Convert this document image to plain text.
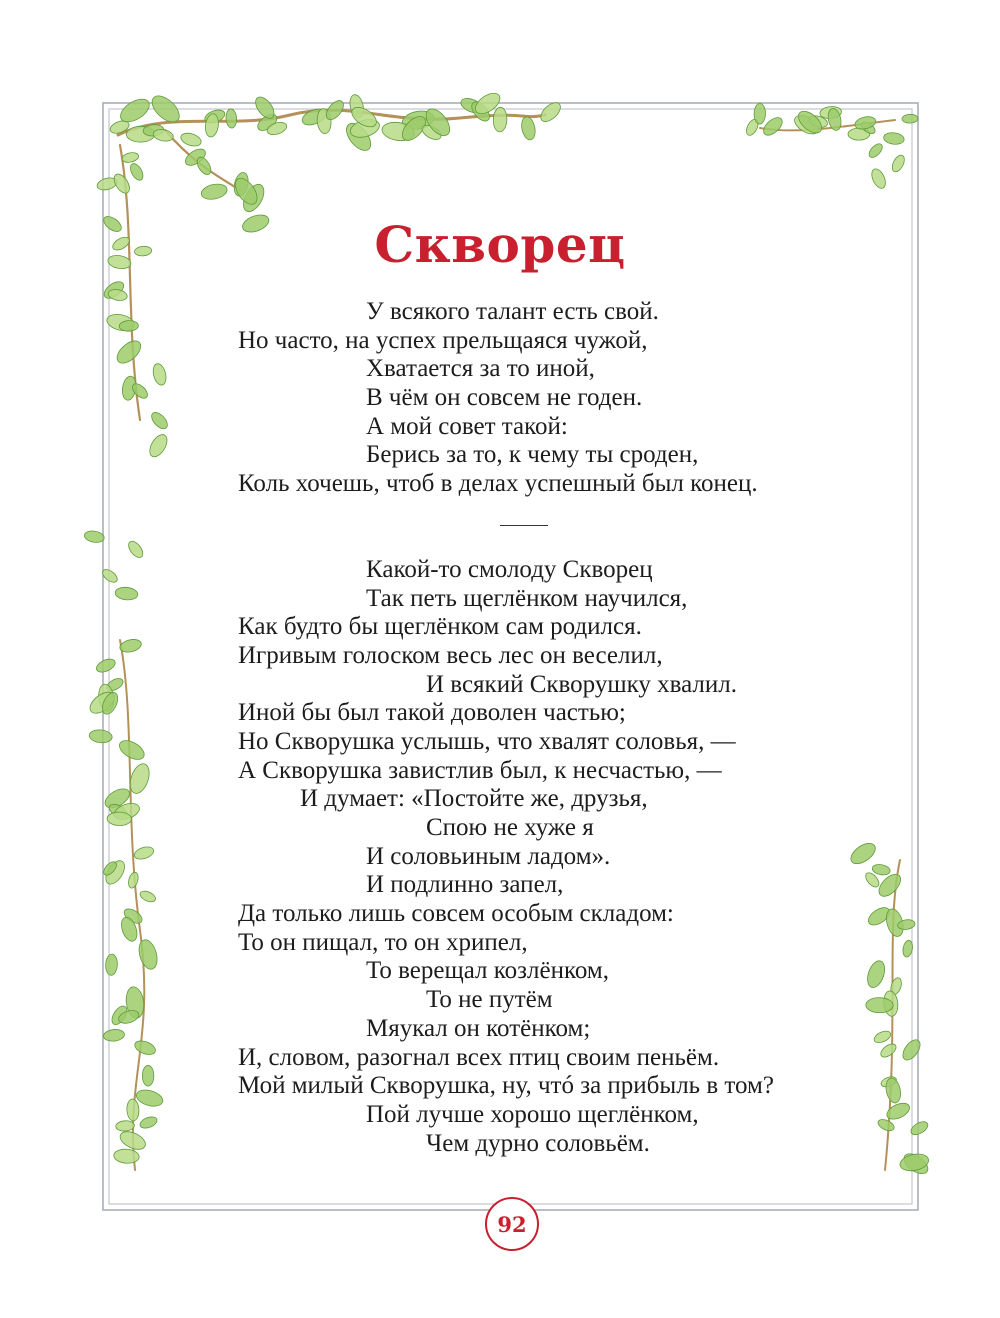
Скворец
У всякого талант есть свой.
Но часто, на успех прельщаяся чужой,
Хватается за то иной,
В чём он совсем не годен.
А мой совет такой:
Берись за то, к чему ты сроден,
Коль хочешь, чтоб в делах успешный был конец.
Какой-то смолоду Скворец
Так петь щеглёнком научился,
Как будто бы щеглёнком сам родился.
Игривым голоском весь лес он веселил,
И всякий Скворушку хвалил.
Иной бы был такой доволен частью;
Но Скворушка услышь, что хвалят соловья, —
А Скворушка завистлив был, к несчастью, —
И думает: «Постойте же, друзья,
Спою не хуже я
И соловьиным ладом».
И подлинно запел,
Да только лишь совсем особым складом:
То он пищал, то он хрипел,
То верещал козлёнком,
То не путём
Мяукал он котёнком;
И, словом, разогнал всех птиц своим пеньём.
Мой милый Скворушка, ну, чтó за прибыль в том?
Пой лучше хорошо щеглёнком,
Чем дурно соловьём.
92
